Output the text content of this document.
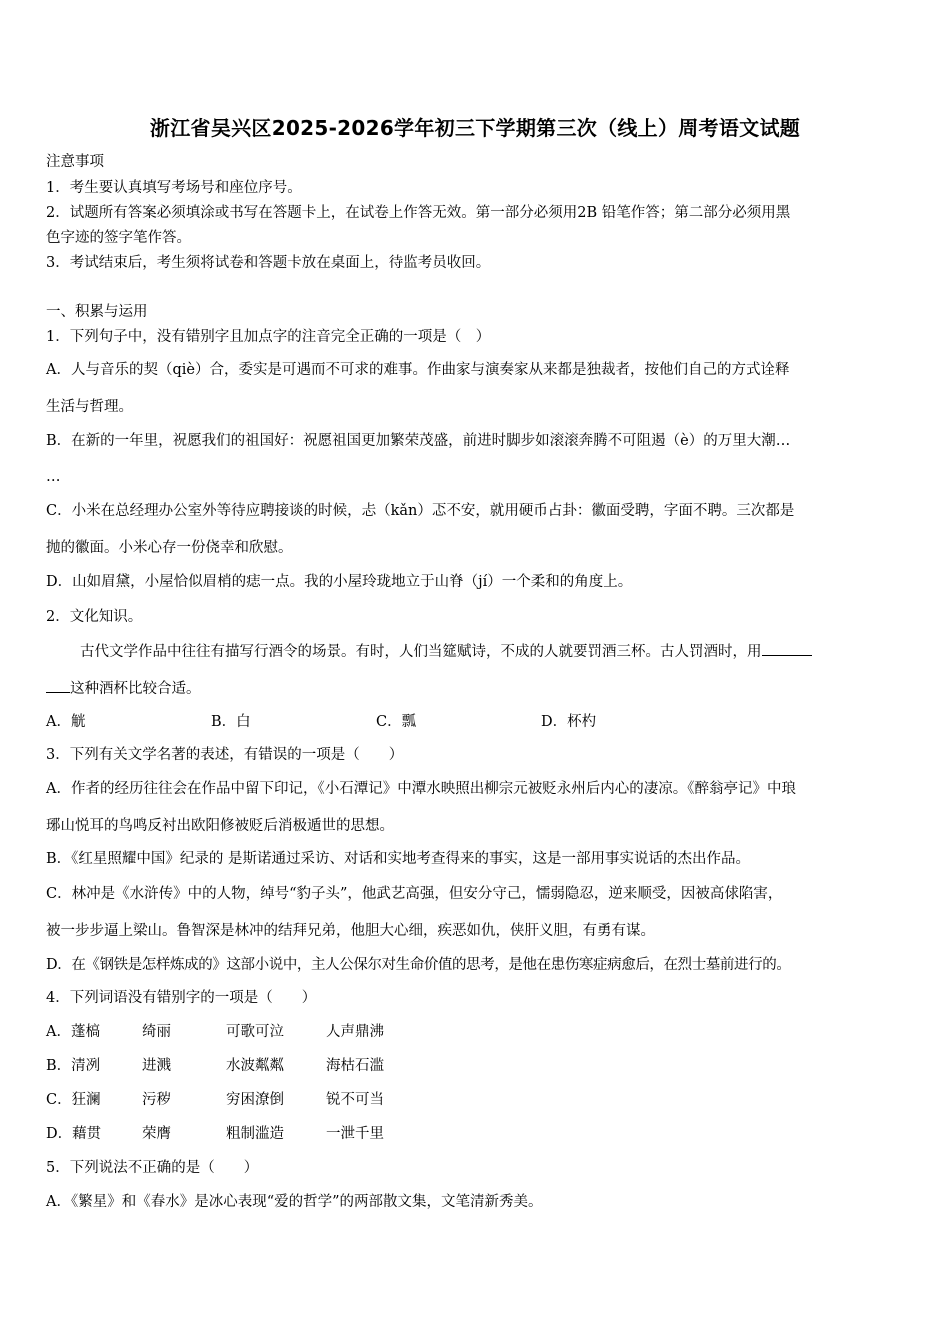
浙江省吴兴区2025-2026学年初三下学期第三次（线上）周考语文试题
注意事项
1．考生要认真填写考场号和座位序号。
2．试题所有答案必须填涂或书写在答题卡上，在试卷上作答无效。第一部分必须用2B 铅笔作答；第二部分必须用黑
色字迹的签字笔作答。
3．考试结束后，考生须将试卷和答题卡放在桌面上，待监考员收回。
一、积累与运用
1．下列句子中，没有错别字且加点字的注音完全正确的一项是（　）
A．人与音乐的契（qiè）合，委实是可遇而不可求的难事。作曲家与演奏家从来都是独裁者，按他们自己的方式诠释
生活与哲理。
B．在新的一年里，祝愿我们的祖国好：祝愿祖国更加繁荣茂盛，前进时脚步如滚滚奔腾不可阻遏（è）的万里大潮…
…
C．小米在总经理办公室外等待应聘接谈的时候，忐（kǎn）忑不安，就用硬币占卦：徽面受聘，字面不聘。三次都是
抛的徽面。小米心存一份侥幸和欣慰。
D．山如眉黛，小屋恰似眉梢的痣一点。我的小屋玲珑地立于山脊（jí）一个柔和的角度上。
2．文化知识。
古代文学作品中往往有描写行酒令的场景。有时，人们当筵赋诗，不成的人就要罚酒三杯。古人罚酒时，用
这种酒杯比较合适。
A．觥	B．白	C．瓢	D．杯杓
3．下列有关文学名著的表述，有错误的一项是（　　）
A．作者的经历往往会在作品中留下印记，《小石潭记》中潭水映照出柳宗元被贬永州后内心的凄凉。《醉翁亭记》中琅
琊山悦耳的鸟鸣反衬出欧阳修被贬后消极遁世的思想。
B．《红星照耀中国》纪录的 是斯诺通过采访、对话和实地考查得来的事实，这是一部用事实说话的杰出作品。
C．林冲是《水浒传》中的人物，绰号“豹子头”，他武艺高强，但安分守己，懦弱隐忍，逆来顺受，因被高俅陷害，
被一步步逼上梁山。鲁智深是林冲的结拜兄弟，他胆大心细，疾恶如仇，侠肝义胆，有勇有谋。
D．在《钢铁是怎样炼成的》这部小说中，主人公保尔对生命价值的思考，是他在患伤寒症病愈后，在烈士墓前进行的。
4．下列词语没有错别字的一项是（　　）
A．蓬槁	绮丽	可歌可泣	人声鼎沸
B．清冽	进溅	水波粼粼	海枯石滥
C．狂澜	污秽	穷困潦倒	锐不可当
D．藉贯	荣膺	粗制滥造	一泄千里
5．下列说法不正确的是（　　）
A．《繁星》和《春水》是冰心表现“爱的哲学”的两部散文集，文笔清新秀美。
